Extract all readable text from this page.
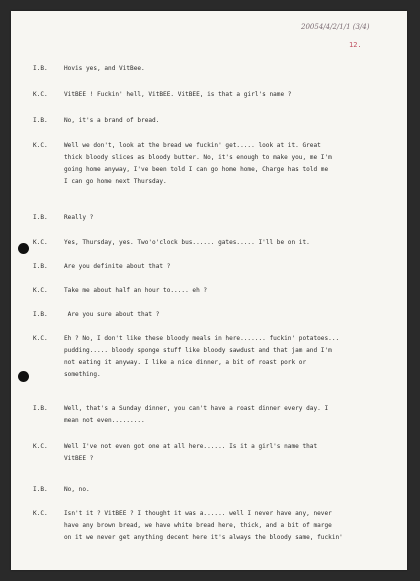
20054/4/2/1/1 (3/4)
12.
I.B.	Hovis yes, and VitBee.
K.C.	VitBEE ! Fuckin' hell, VitBEE. VitBEE, is that a girl's name ?
I.B.	No, it's a brand of bread.
K.C.	Well we don't, look at the bread we fuckin' get..... look at it. Great
thick bloody slices as bloody butter. No, it's enough to make you, me I'm
going home anyway, I've been told I can go home home, Charge has told me
I can go home next Thursday.
I.B.	Really ?
K.C.	Yes, Thursday, yes. Two'o'clock bus...... gates..... I'll be on it.
I.B.	Are you definite about that ?
K.C.	Take me about half an hour to..... eh ?
I.B.	Are you sure about that ?
K.C.	Eh ? No, I don't like these bloody meals in here....... fuckin' potatoes...
pudding..... bloody sponge stuff like bloody sawdust and that jam and I'm
not eating it anyway. I like a nice dinner, a bit of roast pork or
something.
I.B.	Well, that's a Sunday dinner, you can't have a roast dinner every day. I
mean not even.........
K.C.	Well I've not even got one at all here...... Is it a girl's name that
VitBEE ?
I.B.	No, no.
K.C.	Isn't it ? VitBEE ? I thought it was a...... well I never have any, never
have any brown bread, we have white bread here, thick, and a bit of marge
on it we never get anything decent here it's always the bloody same, fuckin'
